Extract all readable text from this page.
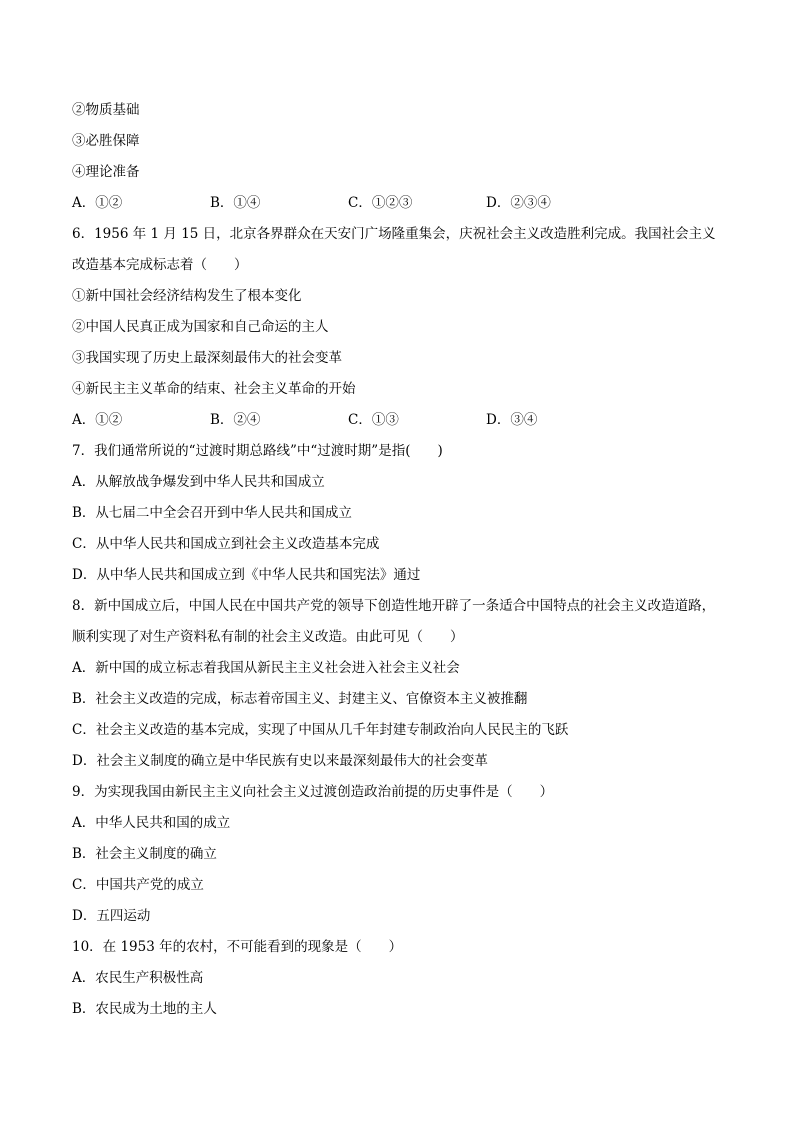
②物质基础
③必胜保障
④理论准备
A．①②	B．①④	C．①②③	D．②③④
6．1956 年 1 月 15 日，北京各界群众在天安门广场隆重集会，庆祝社会主义改造胜利完成。我国社会主义
改造基本完成标志着（　　）
①新中国社会经济结构发生了根本变化
②中国人民真正成为国家和自己命运的主人
③我国实现了历史上最深刻最伟大的社会变革
④新民主主义革命的结束、社会主义革命的开始
A．①②	B．②④	C．①③	D．③④
7．我们通常所说的“过渡时期总路线”中“过渡时期”是指(　　)
A．从解放战争爆发到中华人民共和国成立
B．从七届二中全会召开到中华人民共和国成立
C．从中华人民共和国成立到社会主义改造基本完成
D．从中华人民共和国成立到《中华人民共和国宪法》通过
8．新中国成立后，中国人民在中国共产党的领导下创造性地开辟了一条适合中国特点的社会主义改造道路，
顺利实现了对生产资料私有制的社会主义改造。由此可见（　　）
A．新中国的成立标志着我国从新民主主义社会进入社会主义社会
B．社会主义改造的完成，标志着帝国主义、封建主义、官僚资本主义被推翻
C．社会主义改造的基本完成，实现了中国从几千年封建专制政治向人民民主的飞跃
D．社会主义制度的确立是中华民族有史以来最深刻最伟大的社会变革
9．为实现我国由新民主主义向社会主义过渡创造政治前提的历史事件是（　　）
A．中华人民共和国的成立
B．社会主义制度的确立
C．中国共产党的成立
D．五四运动
10．在 1953 年的农村，不可能看到的现象是（　　）
A．农民生产积极性高
B．农民成为土地的主人
